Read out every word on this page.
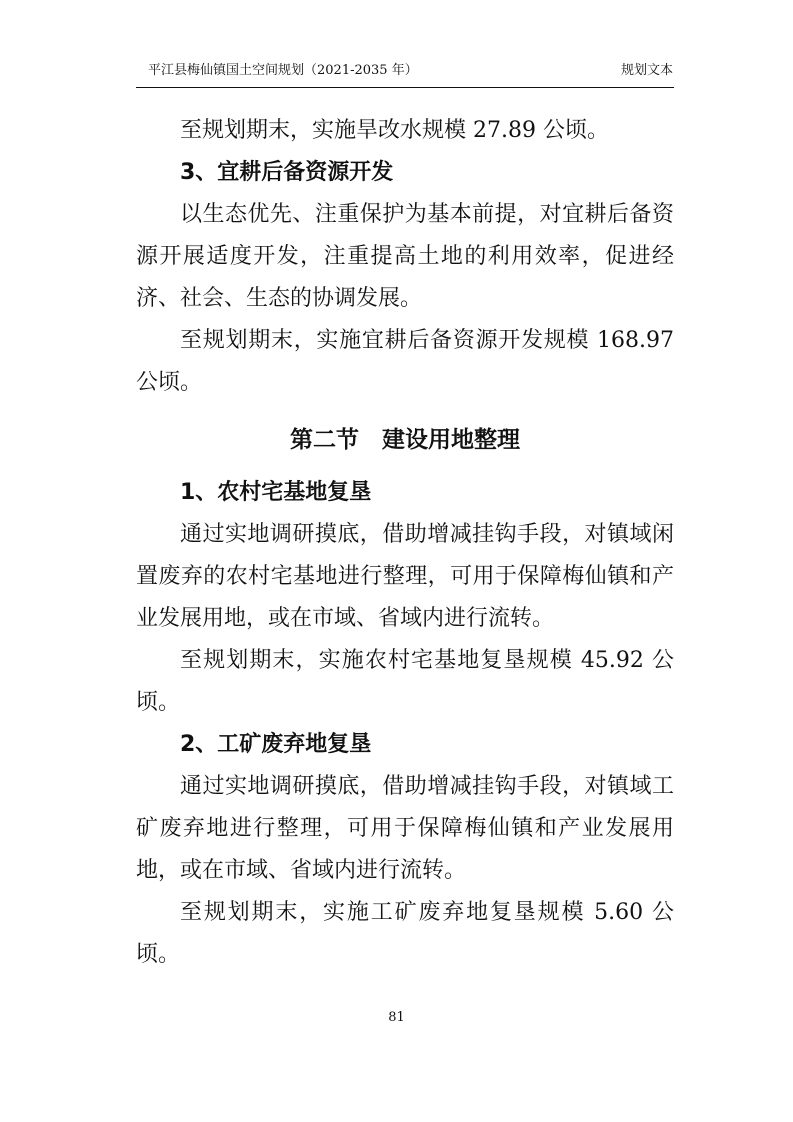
平江县梅仙镇国土空间规划（2021-2035 年）	规划文本

至规划期末，实施旱改水规模 27.89 公顷。

3、宜耕后备资源开发

以生态优先、注重保护为基本前提，对宜耕后备资源开展适度开发，注重提高土地的利用效率，促进经济、社会、生态的协调发展。

至规划期末，实施宜耕后备资源开发规模 168.97 公顷。

第二节　建设用地整理
1、农村宅基地复垦

通过实地调研摸底，借助增减挂钩手段，对镇域闲置废弃的农村宅基地进行整理，可用于保障梅仙镇和产业发展用地，或在市域、省域内进行流转。

至规划期末，实施农村宅基地复垦规模 45.92 公顷。

2、工矿废弃地复垦

通过实地调研摸底，借助增减挂钩手段，对镇域工矿废弃地进行整理，可用于保障梅仙镇和产业发展用地，或在市域、省域内进行流转。

至规划期末，实施工矿废弃地复垦规模 5.60 公顷。

81
